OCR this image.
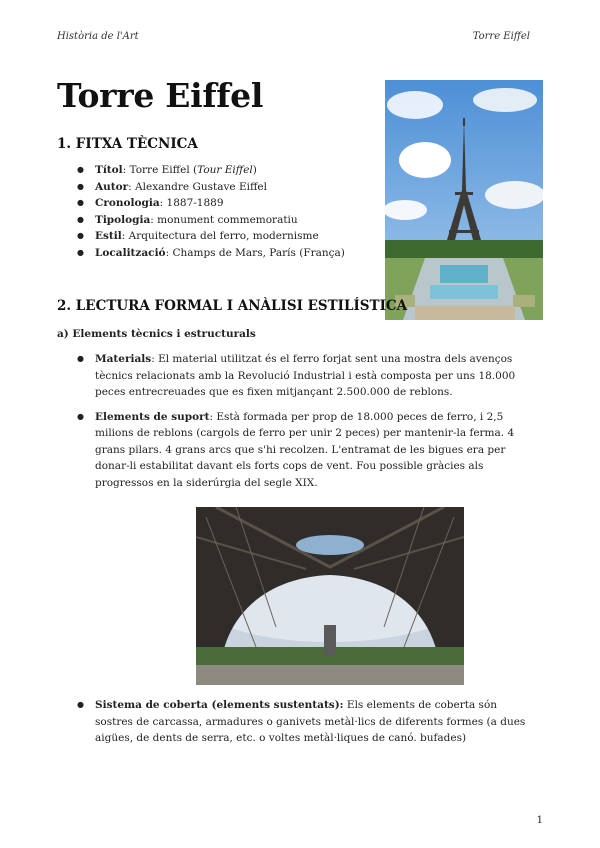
Història de l'Art	Torre Eiffel
Torre Eiffel
1. FITXA TÈCNICA
● Títol: Torre Eiffel (Tour Eiffel)
● Autor: Alexandre Gustave Eiffel
● Cronologia: 1887-1889
● Tipologia: monument commemoratiu
● Estil: Arquitectura del ferro, modernisme
● Localització: Champs de Mars, París (França)
2. LECTURA FORMAL I ANÀLISI ESTILÍSTICA

a) Elements tècnics i estructurals

● Materials: El material utilitzat és el ferro forjat sent una mostra dels avenços tècnics relacionats amb la Revolució Industrial i està composta per uns 18.000 peces entrecreuades que es fixen mitjançant 2.500.000 de reblons.
● Elements de suport: Està formada per prop de 18.000 peces de ferro, i 2,5 milions de reblons (cargols de ferro per unir 2 peces) per mantenir-la ferma. 4 grans pilars. 4 grans arcs que s'hi recolzen. L'entramat de les bigues era per donar-li estabilitat davant els forts cops de vent. Fou possible gràcies als progressos en la siderúrgia del segle XIX.
● Sistema de coberta (elements sustentats): Els elements de coberta són sostres de carcassa, armadures o ganivets metàl·lics de diferents formes (a dues aigües, de dents de serra, etc. o voltes metàl·liques de canó. bufades)
1
